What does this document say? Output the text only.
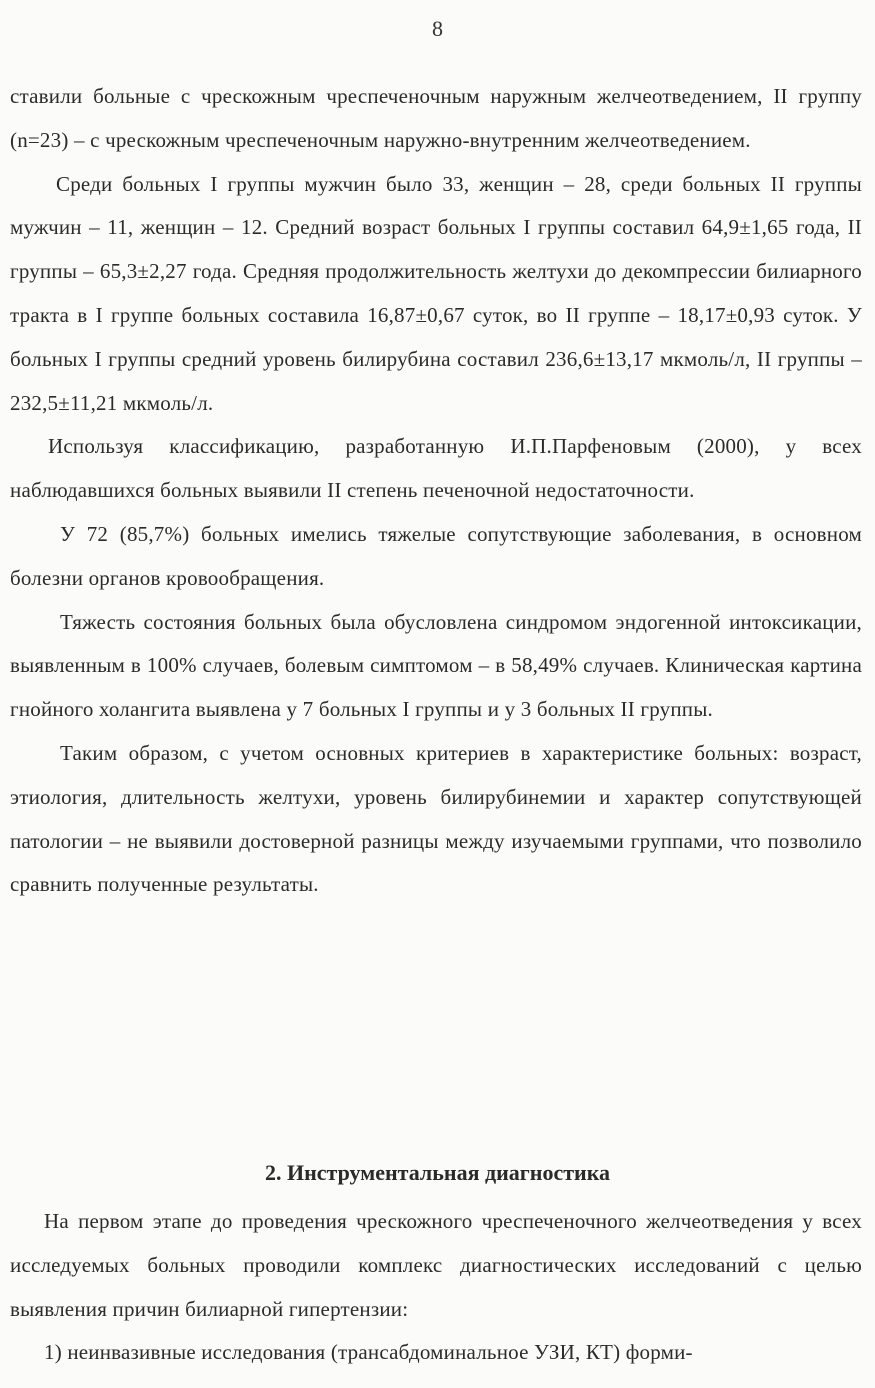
8

ставили больные с чрескожным чреспеченочным наружным желчеотведением, II группу (n=23) – с чрескожным чреспеченочным наружно-внутренним желчеотведением.

Среди больных I группы мужчин было 33, женщин – 28, среди больных II группы мужчин – 11, женщин – 12. Средний возраст больных I группы составил 64,9±1,65 года, II группы – 65,3±2,27 года. Средняя продолжительность желтухи до декомпрессии билиарного тракта в I группе больных составила 16,87±0,67 суток, во II группе – 18,17±0,93 суток. У больных I группы средний уровень билирубина составил 236,6±13,17 мкмоль/л, II группы – 232,5±11,21 мкмоль/л.

Используя классификацию, разработанную И.П.Парфеновым (2000), у всех наблюдавшихся больных выявили II степень печеночной недостаточности.

У 72 (85,7%) больных имелись тяжелые сопутствующие заболевания, в основном болезни органов кровообращения.

Тяжесть состояния больных была обусловлена синдромом эндогенной интоксикации, выявленным в 100% случаев, болевым симптомом – в 58,49% случаев. Клиническая картина гнойного холангита выявлена у 7 больных I группы и у 3 больных II группы.

Таким образом, с учетом основных критериев в характеристике больных: возраст, этиология, длительность желтухи, уровень билирубинемии и характер сопутствующей патологии – не выявили достоверной разницы между изучаемыми группами, что позволило сравнить полученные результаты.

2. Инструментальная диагностика

На первом этапе до проведения чрескожного чреспеченочного желчеотведения у всех исследуемых больных проводили комплекс диагностических исследований с целью выявления причин билиарной гипертензии:

1) неинвазивные исследования (трансабдоминальное УЗИ, КТ) форми-
